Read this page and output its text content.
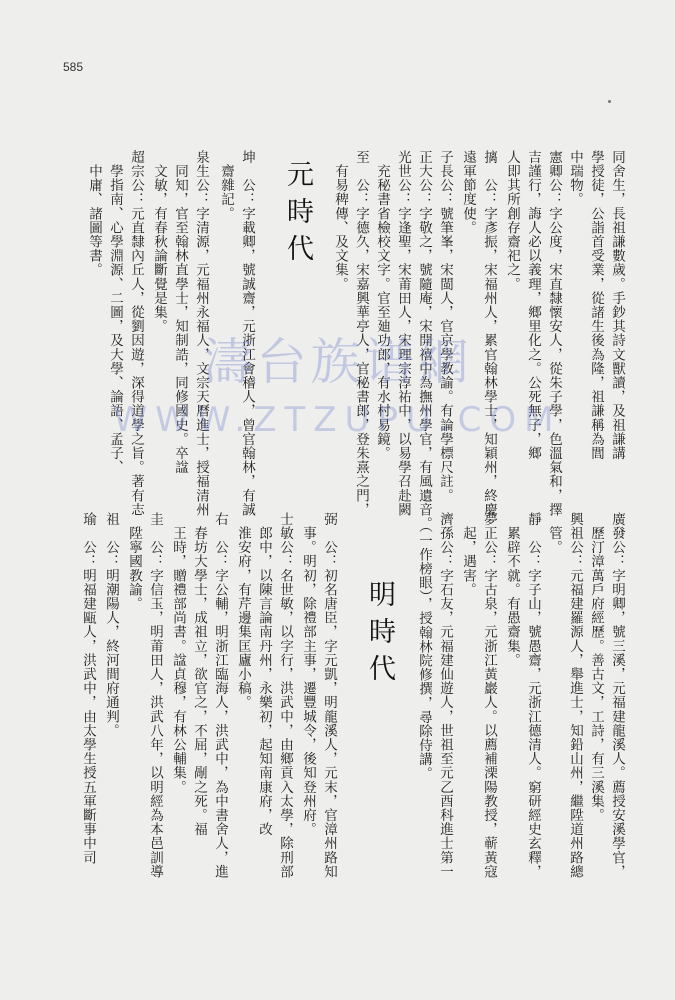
585
同舍生，長祖謙數歲。手鈔其詩文獸讀，及祖謙講
學授徒，公詣首受業，從諸生後為隆，祖謙稱為閭
中瑞物。
憲卿公：字公度，宋直隸懷安人，從朱子學，色溫氣和，擇
吉謹行，誨人必以義理，鄉里化之。公死無子，鄉
人即其所創存齋祀之。
摛　公：字彥振，宋福州人，累官翰林學士，知穎州，終慶
遠軍節度使。
子長公：號筆峯，宋閩人，官京學教諭。有論學標尺註。
正大公：字敬之，號隨庵，宋開禧中為撫州學官，有風遺音。
光世公：字逢聖，宋莆田人，宋理宗淳祐中，以易學召赴闕
　充秘書省檢校文字。官至廸功郎，有水村易鏡。
至　公：字德久，宋嘉興華亭人，官秘書郎，登朱熹之門，
　有易稗傳、及文集。
元時代
坤　公：字載卿，號誠齋，元浙江會稽人，曾官翰林，有誠
　齋雜記。
泉生公：字清源，元福州永福人，文宗天曆進士，授福清州
　同知，官至翰林直學士，知制誥，同修國史。卒諡
　文敏，有春秋論斷覺是集。
超宗公：元直隸內丘人，從劉因遊，深得道學之旨。著有志
　學指南、心學淵源、二圖，及大學、論語、孟子、
　中庸、諸圖等書。
廣發公：字明卿，號三溪，元福建龍溪人。薦授安溪學官，
　歷汀漳萬戶府經歷。善古文，工詩，有三溪集。
興祖公：元福建羅源人，舉進士，知鉛山州，繼陞道州路總
　管。
靜　公：字子山，號愚齋，元浙江德清人。窮研經史玄釋，
　累辟不就。有愚齋集。
夢正公：字古泉，元浙江黃巖人。以薦補溧陽教授，蕲黃寇
　起，遇害。
濟孫公：字石友，元福建仙遊人，世祖至元乙酉科進士第一
　（一作榜眼），授翰林院修撰，尋除侍講。
明時代
弼　公：初名唐臣，字元凱，明龍溪人，元末，官漳州路知
　事。明初，除禮部主事，遷豐城令，後知登州府。
士敏公：名世敏，以字行，洪武中，由鄉貢入太學，除刑部
　郎中，以陳言論南丹州，永樂初，起知南康府，改
　淮安府，有芹邊集匡廬小稿。
右　公：字公輔，明浙江臨海人，洪武中，為中書舍人，進
　春坊大學士，成祖立，欲官之，不屈，剮之死。福
　王時，贈禮部尚書。諡貞穆，有林公輔集。
圭　公：字信玉，明莆田人，洪武八年，以明經為本邑訓導
　陞寧國教諭。
祖　公：明潮陽人，終河間府通判。
瑜　公：明福建甌人，洪武中，由太學生授五軍斷事中司
濤台族谱網
WWW.ZTZUPU.COM
